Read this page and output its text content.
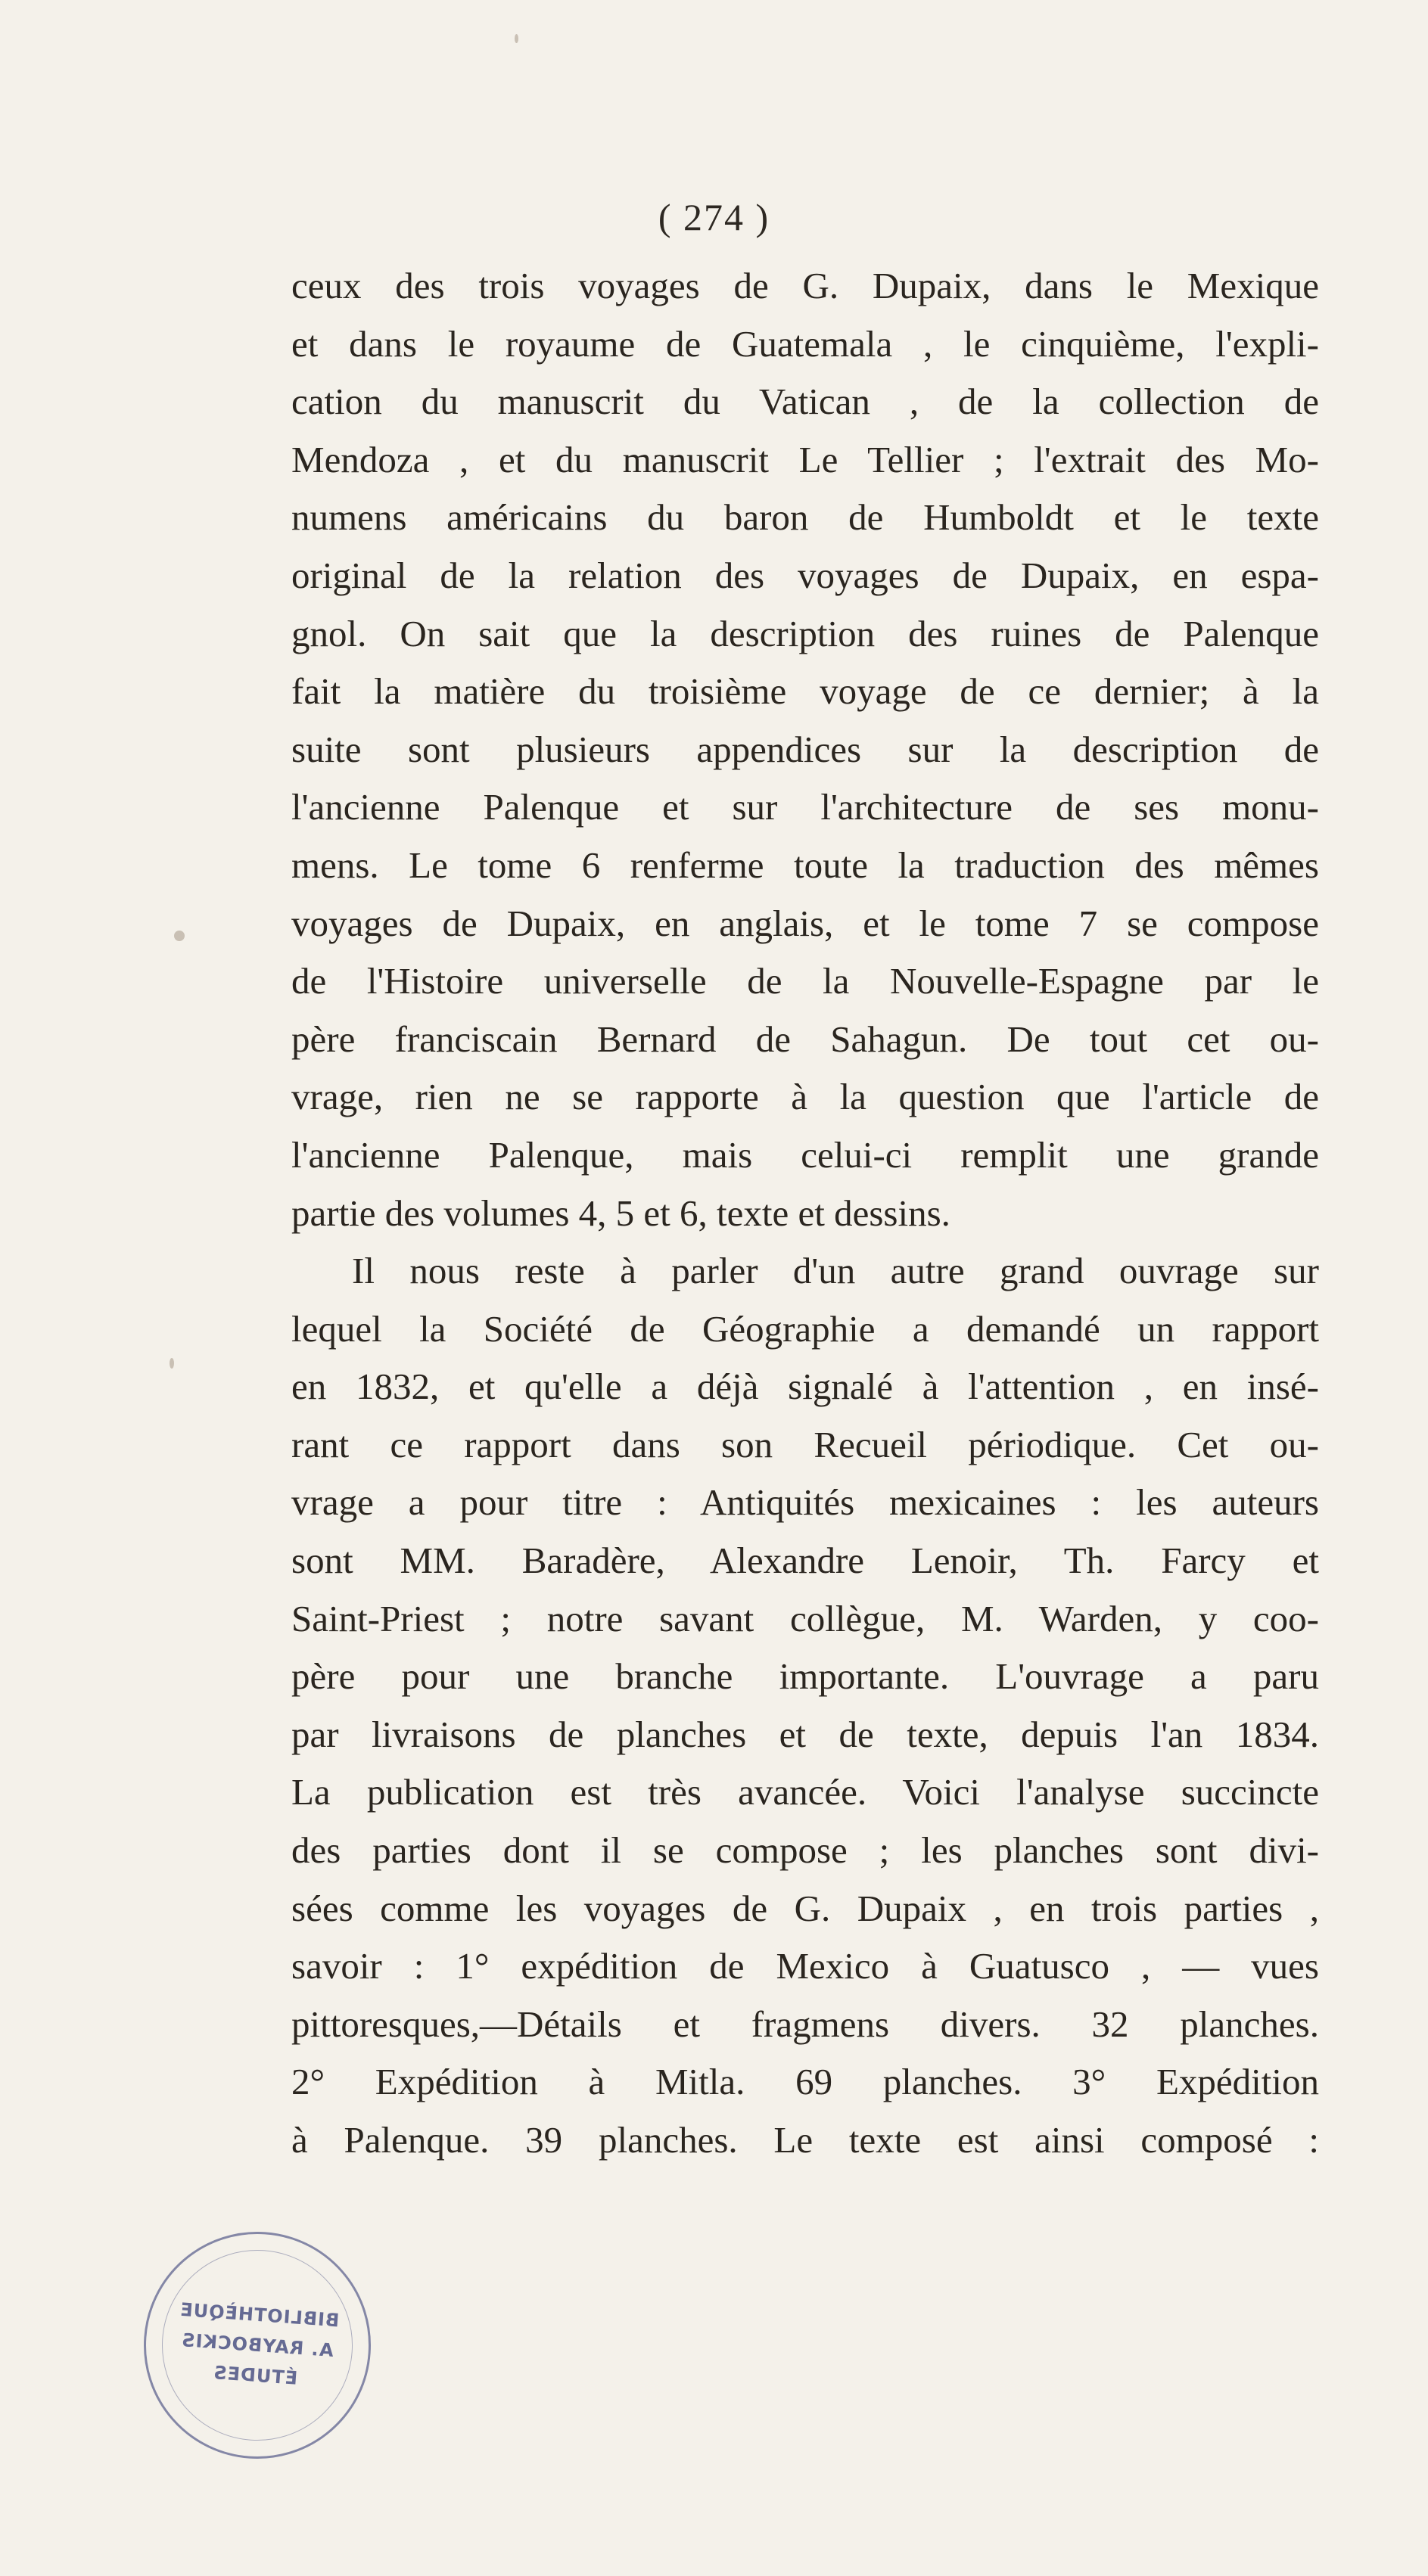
( 274 )
ceux des trois voyages de G. Dupaix, dans le Mexique
et dans le royaume de Guatemala , le cinquième, l'expli-
cation du manuscrit du Vatican , de la collection de
Mendoza , et du manuscrit Le Tellier ; l'extrait des Mo-
numens américains du baron de Humboldt et le texte
original de la relation des voyages de Dupaix, en espa-
gnol. On sait que la description des ruines de Palenque
fait la matière du troisième voyage de ce dernier; à la
suite sont plusieurs appendices sur la description de
l'ancienne Palenque et sur l'architecture de ses monu-
mens. Le tome 6 renferme toute la traduction des mêmes
voyages de Dupaix, en anglais, et le tome 7 se compose
de l'Histoire universelle de la Nouvelle-Espagne par le
père franciscain Bernard de Sahagun. De tout cet ou-
vrage, rien ne se rapporte à la question que l'article de
l'ancienne Palenque, mais celui-ci remplit une grande
partie des volumes 4, 5 et 6, texte et dessins.
Il nous reste à parler d'un autre grand ouvrage sur
lequel la Société de Géographie a demandé un rapport
en 1832, et qu'elle a déjà signalé à l'attention , en insé-
rant ce rapport dans son Recueil périodique. Cet ou-
vrage a pour titre : Antiquités mexicaines : les auteurs
sont MM. Baradère, Alexandre Lenoir, Th. Farcy et
Saint-Priest ; notre savant collègue, M. Warden, y coo-
père pour une branche importante. L'ouvrage a paru
par livraisons de planches et de texte, depuis l'an 1834.
La publication est très avancée. Voici l'analyse succincte
des parties dont il se compose ; les planches sont divi-
sées comme les voyages de G. Dupaix , en trois parties ,
savoir : 1° expédition de Mexico à Guatusco , — vues
pittoresques,—Détails et fragmens divers. 32 planches.
2° Expédition à Mitla. 69 planches. 3° Expédition
à Palenque. 39 planches. Le texte est ainsi composé :
BIBLIOTHÈQUE
A. RAYBOCKIS
ÉTUDES
